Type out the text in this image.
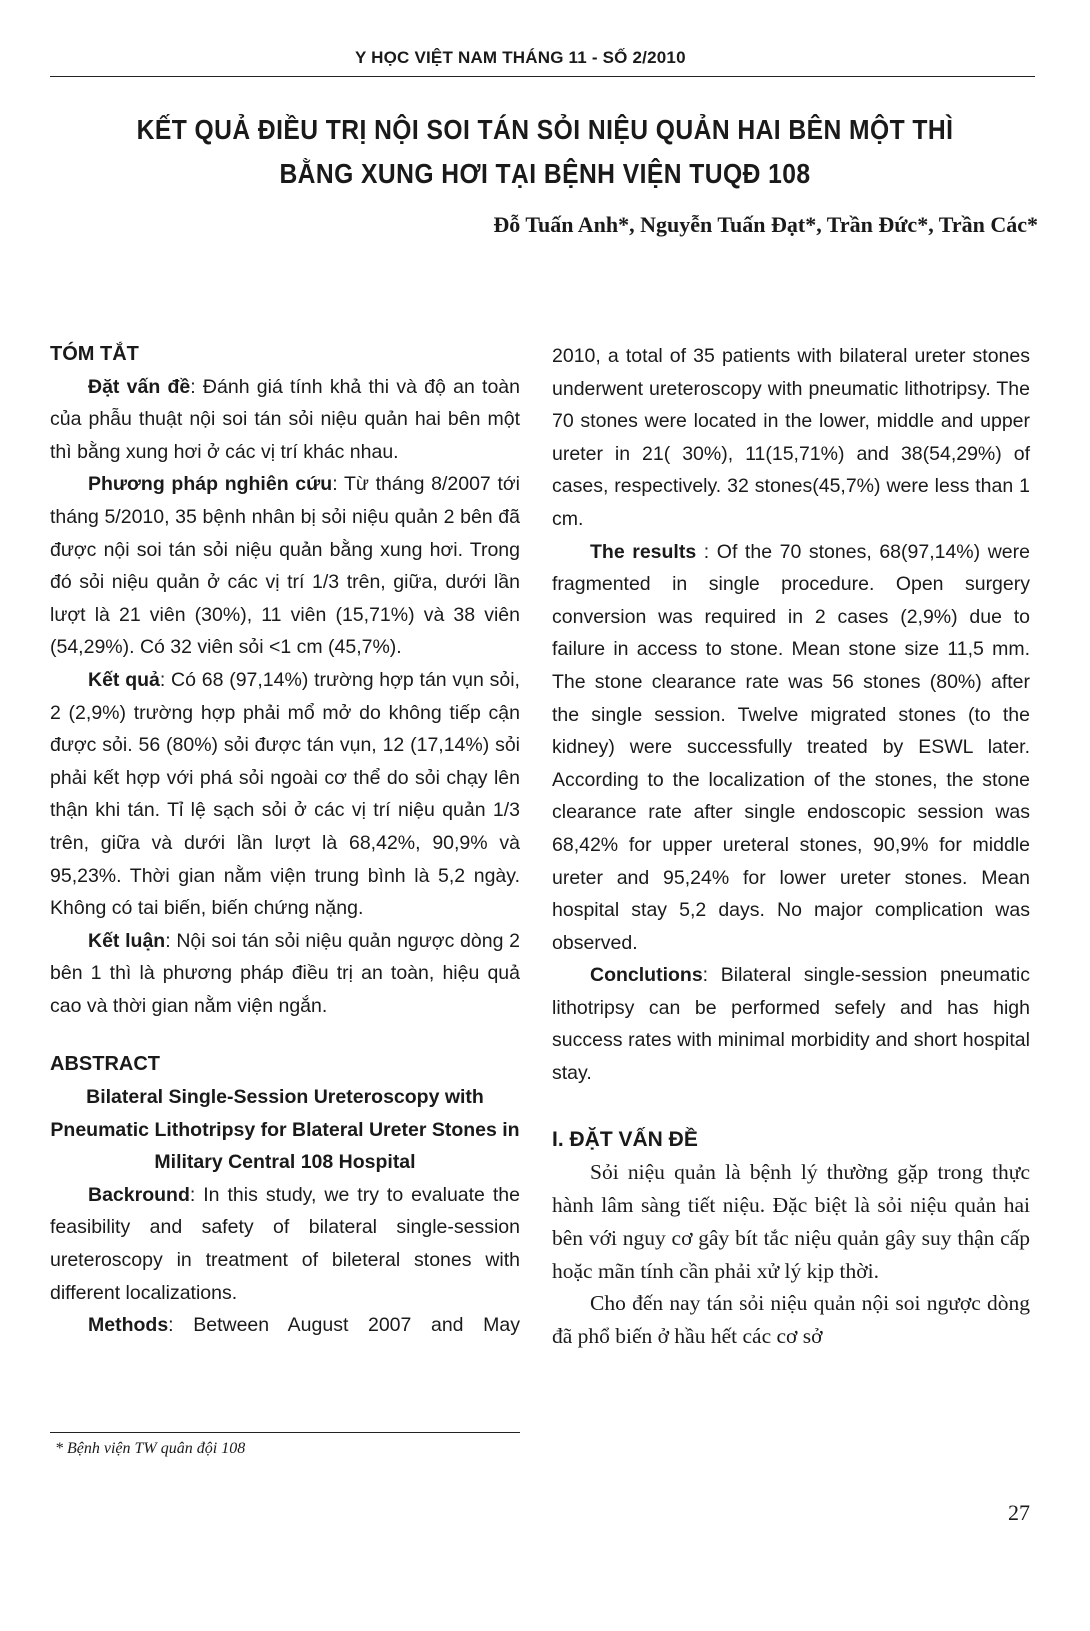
Y HỌC VIỆT NAM THÁNG 11 - SỐ 2/2010
KẾT QUẢ ĐIỀU TRỊ NỘI SOI TÁN SỎI NIỆU QUẢN HAI BÊN MỘT THÌ
BẰNG XUNG HƠI TẠI BỆNH VIỆN TUQĐ 108
Đỗ Tuấn Anh*, Nguyễn Tuấn Đạt*, Trần Đức*, Trần Các*

TÓM TẮT

Đặt vấn đề: Đánh giá tính khả thi và độ an toàn của phẫu thuật nội soi tán sỏi niệu quản hai bên một thì bằng xung hơi ở các vị trí khác nhau.

Phương pháp nghiên cứu: Từ tháng 8/2007 tới tháng 5/2010, 35 bệnh nhân bị sỏi niệu quản 2 bên đã được nội soi tán sỏi niệu quản bằng xung hơi. Trong đó sỏi niệu quản ở các vị trí 1/3 trên, giữa, dưới lần lượt là 21 viên (30%), 11 viên (15,71%) và 38 viên (54,29%). Có 32 viên sỏi <1 cm (45,7%).

Kết quả: Có 68 (97,14%) trường hợp tán vụn sỏi, 2 (2,9%) trường hợp phải mổ mở do không tiếp cận được sỏi. 56 (80%) sỏi được tán vụn, 12 (17,14%) sỏi phải kết hợp với phá sỏi ngoài cơ thể do sỏi chạy lên thận khi tán. Tỉ lệ sạch sỏi ở các vị trí niệu quản 1/3 trên, giữa và dưới lần lượt là 68,42%, 90,9% và 95,23%. Thời gian nằm viện trung bình là 5,2 ngày. Không có tai biến, biến chứng nặng.

Kết luận: Nội soi tán sỏi niệu quản ngược dòng 2 bên 1 thì là phương pháp điều trị an toàn, hiệu quả cao và thời gian nằm viện ngắn.

ABSTRACT

Bilateral Single-Session Ureteroscopy with Pneumatic Lithotripsy for Blateral Ureter Stones in Military Central 108 Hospital

Backround: In this study, we try to evaluate the feasibility and safety of bilateral single-session ureteroscopy in treatment of bileteral stones with different localizations.

Methods: Between August 2007 and May

2010, a total of 35 patients with bilateral ureter stones underwent ureteroscopy with pneumatic lithotripsy. The 70 stones were located in the lower, middle and upper ureter in 21( 30%), 11(15,71%) and 38(54,29%) of cases, respectively. 32 stones(45,7%) were less than 1 cm.

The results : Of the 70 stones, 68(97,14%) were fragmented in single procedure. Open surgery conversion was required in 2 cases (2,9%) due to failure in access to stone. Mean stone size 11,5 mm. The stone clearance rate was 56 stones (80%) after the single session. Twelve migrated stones (to the kidney) were successfully treated by ESWL later. According to the localization of the stones, the stone clearance rate after single endoscopic session was 68,42% for upper ureteral stones, 90,9% for middle ureter and 95,24% for lower ureter stones. Mean hospital stay 5,2 days. No major complication was observed.

Conclutions: Bilateral single-session pneumatic lithotripsy can be performed sefely and has high success rates with minimal morbidity and short hospital stay.

I. ĐẶT VẤN ĐỀ

Sỏi niệu quản là bệnh lý thường gặp trong thực hành lâm sàng tiết niệu. Đặc biệt là sỏi niệu quản hai bên với nguy cơ gây bít tắc niệu quản gây suy thận cấp hoặc mãn tính cần phải xử lý kịp thời.

Cho đến nay tán sỏi niệu quản nội soi ngược dòng đã phổ biến ở hầu hết các cơ sở

* Bệnh viện TW quân đội 108
27
